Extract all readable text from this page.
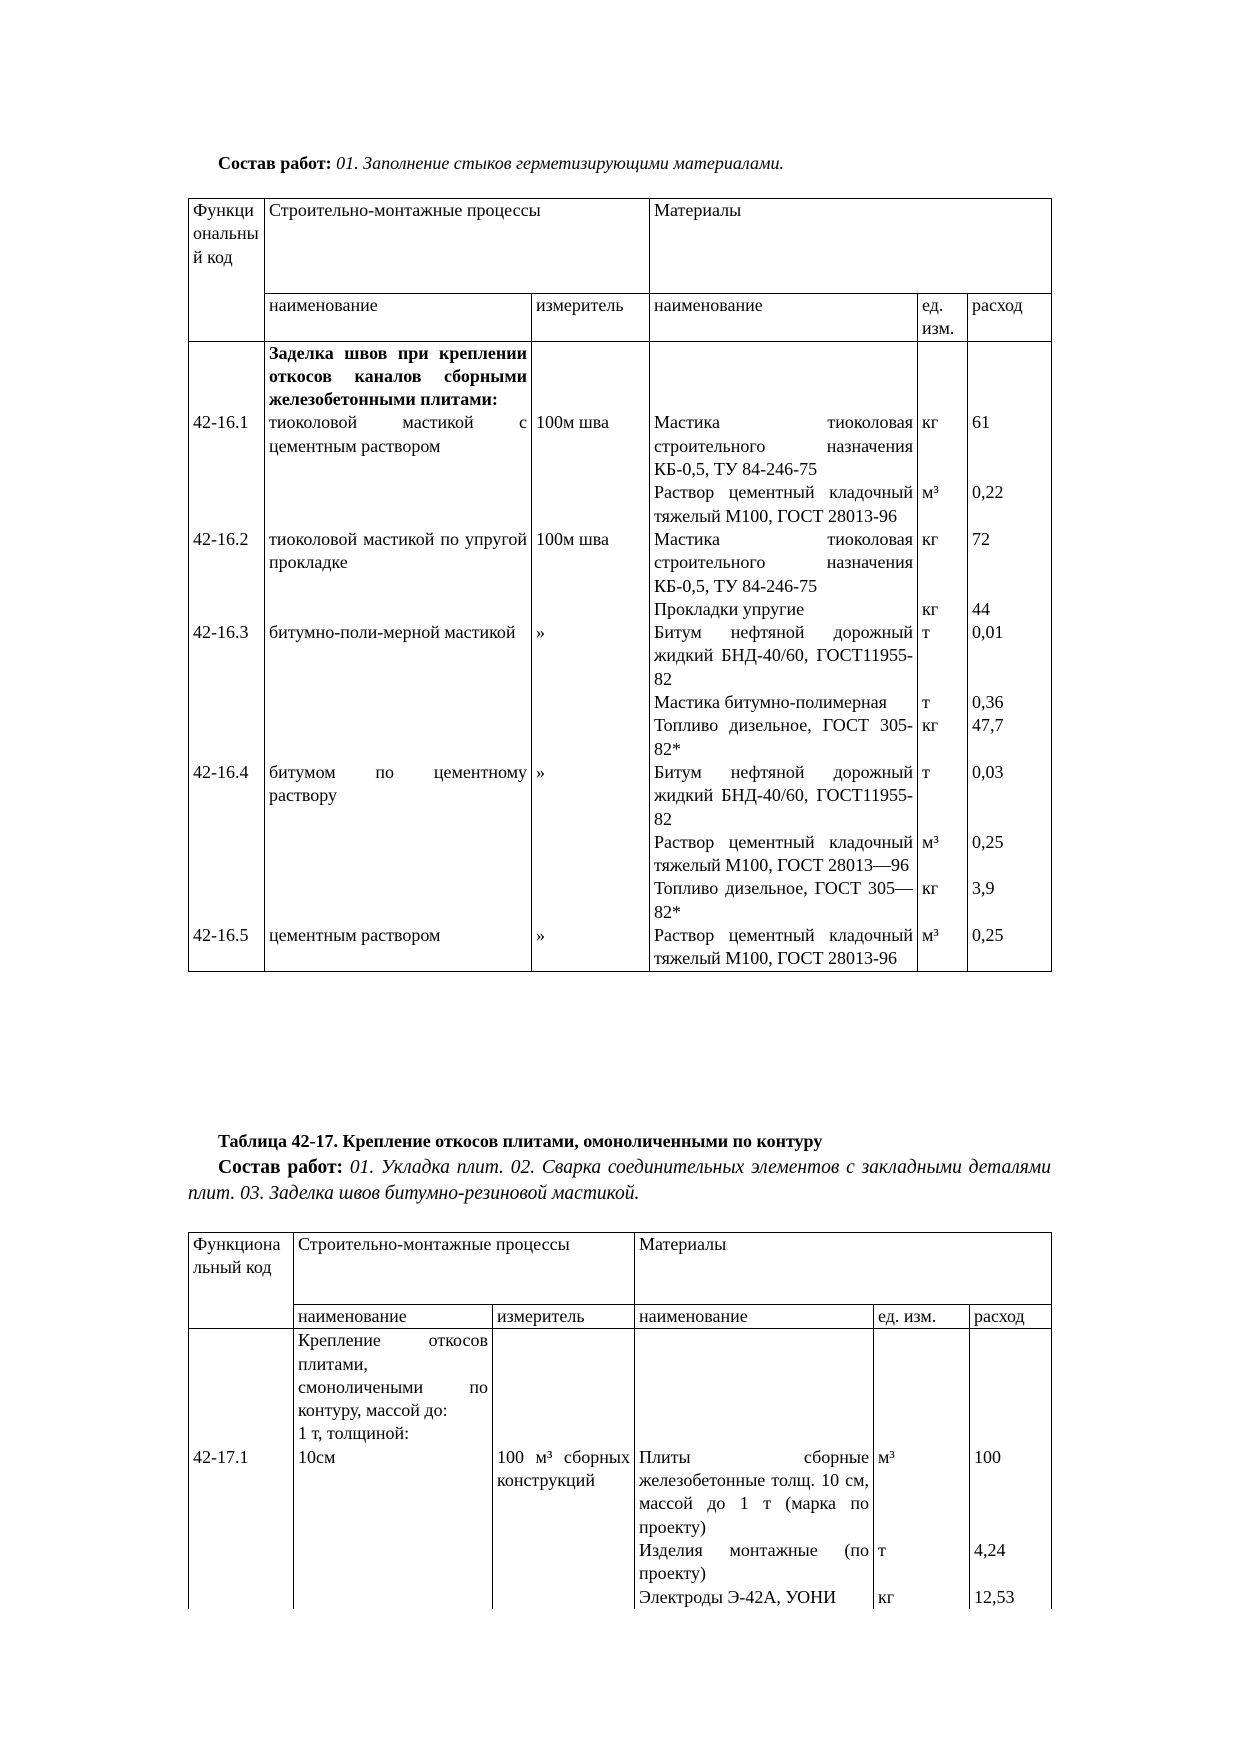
Состав работ: 01. Заполнение стыков герметизирующими материалами.

Функциональный код	Строительно-монтажные процессы		Материалы		
	наименование	измеритель	наименование	ед. изм.	расход
	Заделка швов при креплении откосов каналов сборными железобетонными плитами:				
42-16.1	тиоколовой мастикой с цементным раствором	100м шва	Мастика тиоколовая строительного назначения КБ-0,5, ТУ 84-246-75	кг	61
			Раствор цементный кладочный тяжелый М100, ГОСТ 28013-96	м³	0,22
42-16.2	тиоколовой мастикой по упругой прокладке	100м шва	Мастика тиоколовая строительного назначения КБ-0,5, ТУ 84-246-75	кг	72
			Прокладки упругие	кг	44
42-16.3	битумно-поли-мерной мастикой	»	Битум нефтяной дорожный жидкий БНД-40/60, ГОСТ11955-82	т	0,01
			Мастика битумно-полимерная	т	0,36
			Топливо дизельное, ГОСТ 305-82*	кг	47,7
42-16.4	битумом по цементному раствору	»	Битум нефтяной дорожный жидкий БНД-40/60, ГОСТ11955-82	т	0,03
			Раствор цементный кладочный тяжелый М100, ГОСТ 28013—96	м³	0,25
			Топливо дизельное, ГОСТ 305—82*	кг	3,9
42-16.5	цементным раствором	»	Раствор цементный кладочный тяжелый М100, ГОСТ 28013-96	м³	0,25

Таблица 42-17. Крепление откосов плитами, омоноличенными по контуру

Состав работ: 01. Укладка плит. 02. Сварка соединительных элементов с закладными деталями плит. 03. Заделка швов битумно-резиновой мастикой.

Функциональный код	Строительно-монтажные процессы		Материалы		
	наименование	измеритель	наименование	ед. изм.	расход
	Крепление откосов плитами, смоноличеными по контуру, массой до:				
	1 т, толщиной:				
42-17.1	10см	100 м³ сборных конструкций	Плиты сборные железобетонные толщ. 10 см, массой до 1 т (марка по проекту)	м³	100
			Изделия монтажные (по проекту)	т	4,24
			Электроды Э-42А, УОНИ	кг	12,53
